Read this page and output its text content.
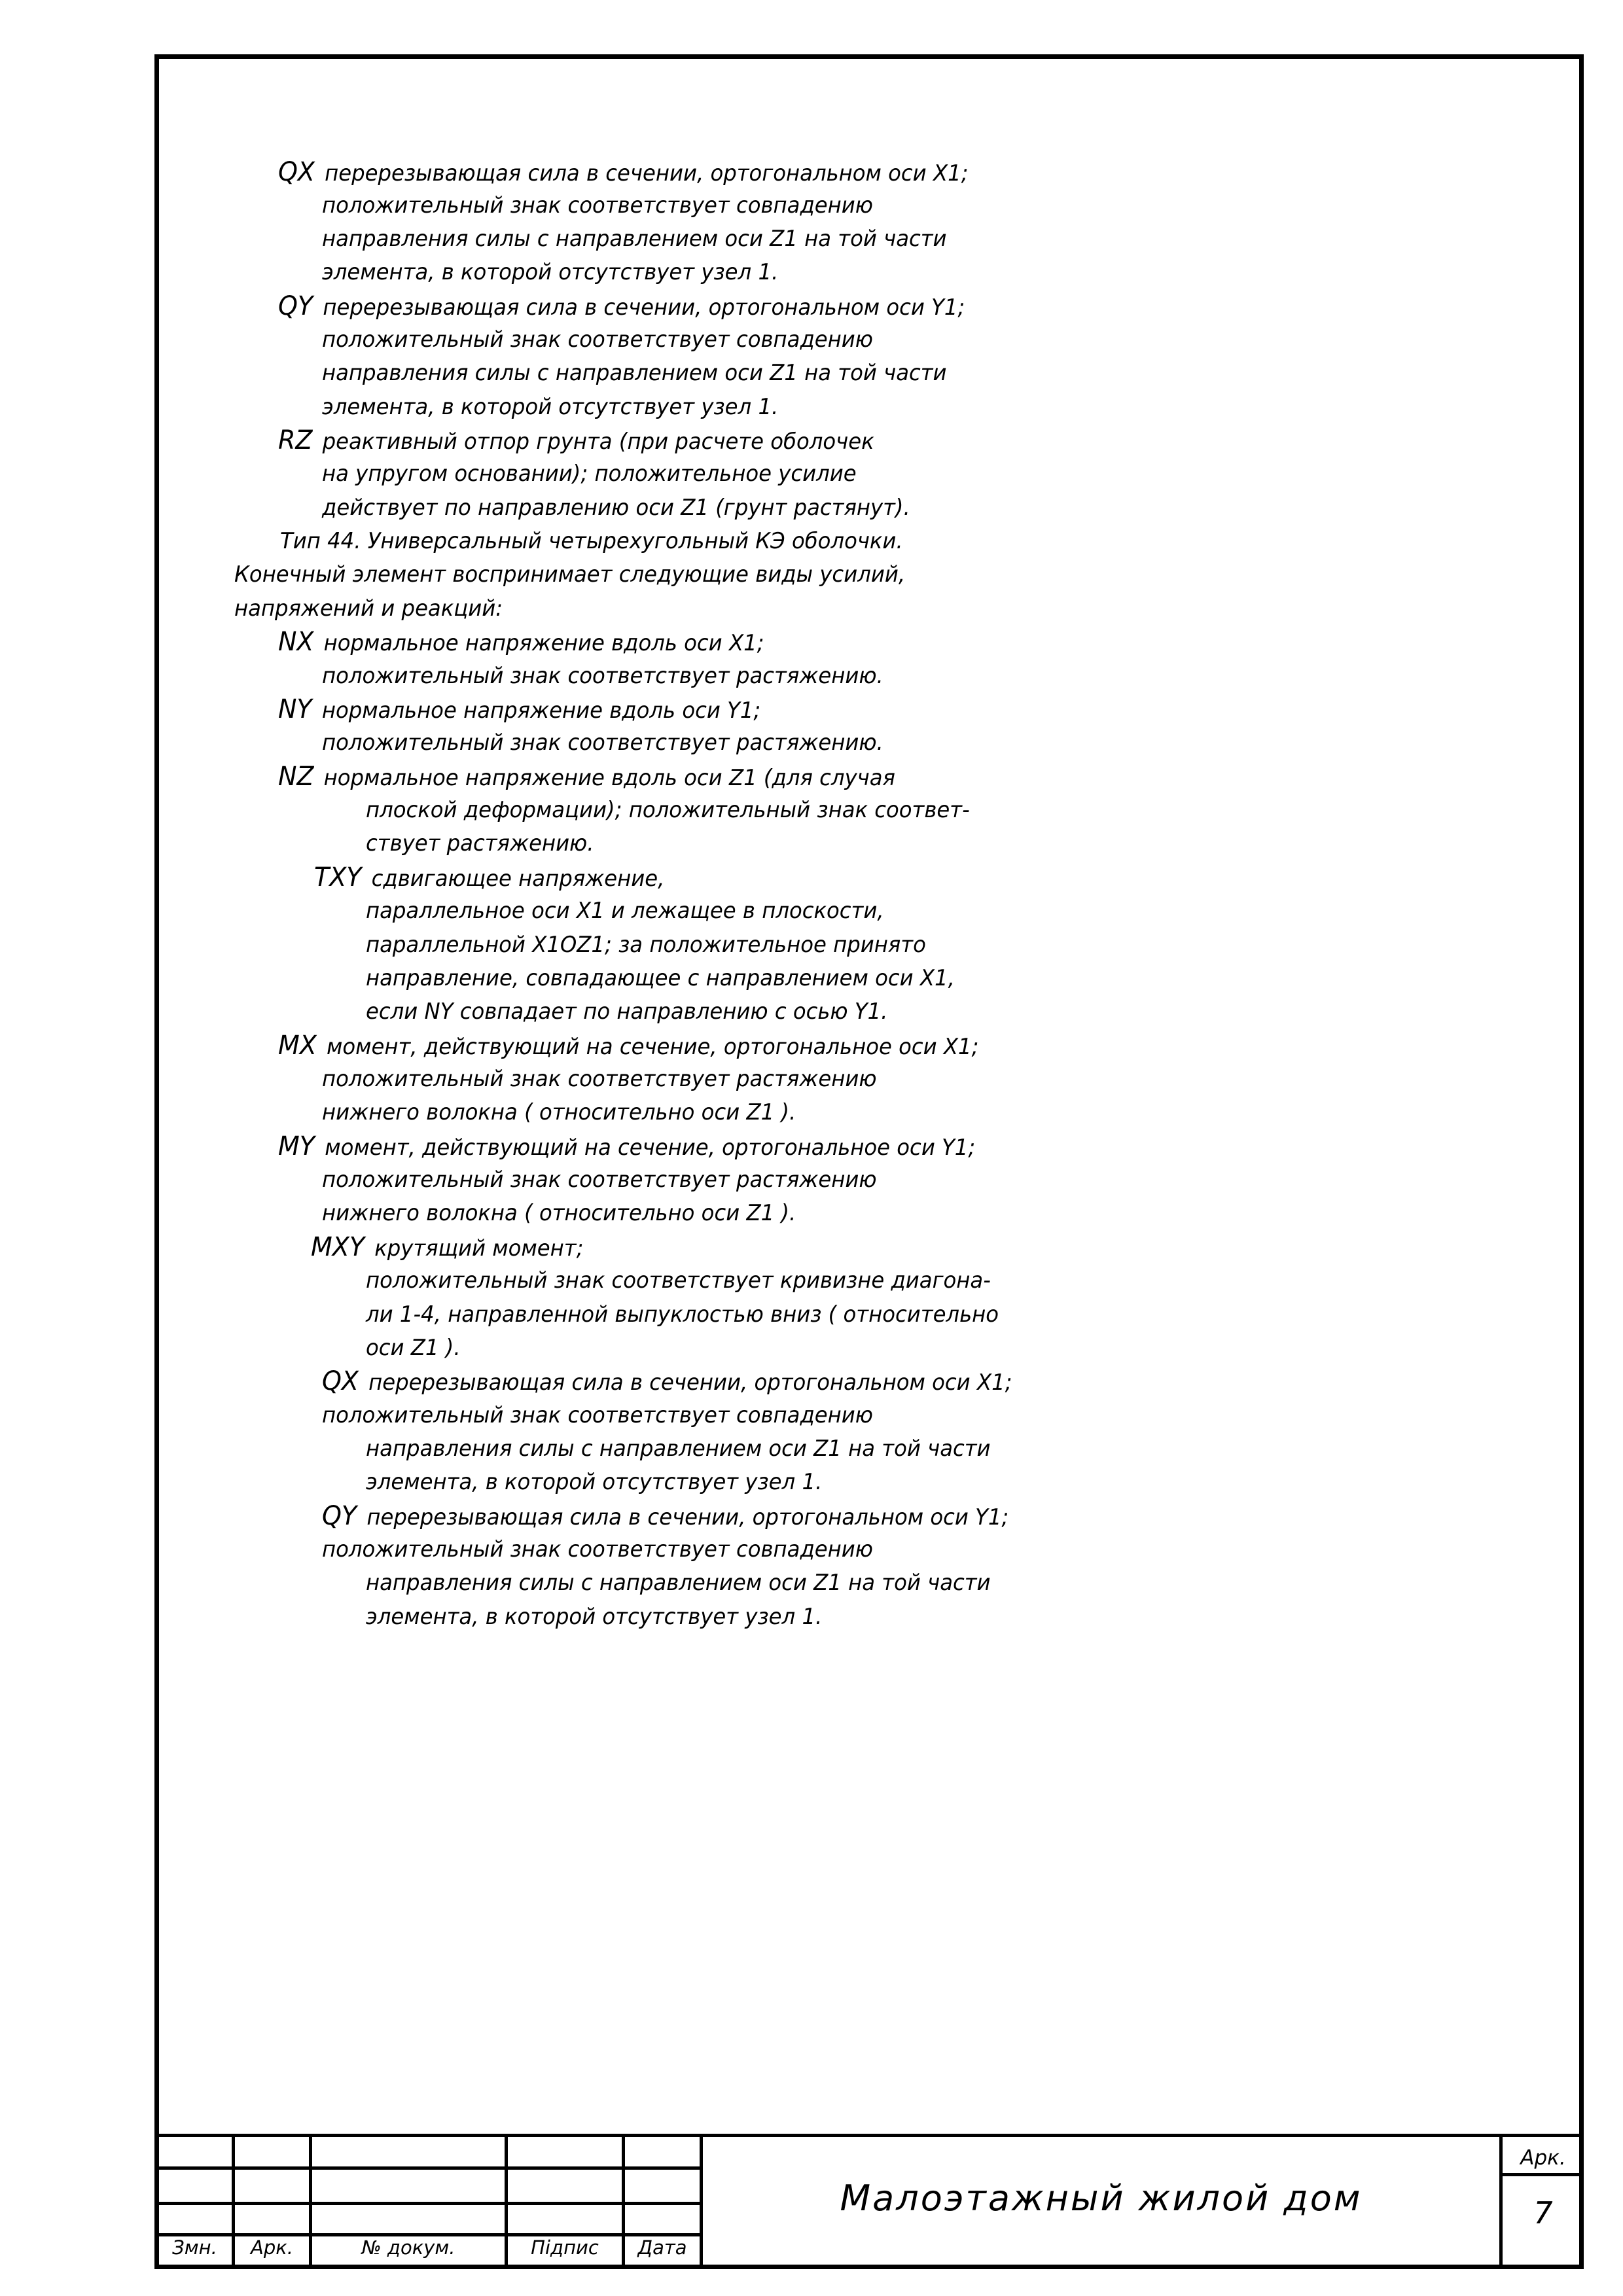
QX перерезывающая сила в сечении, ортогональном оси X1;
положительный знак соответствует совпадению
направления силы с направлением оси Z1 на той части
элемента, в которой отсутствует узел 1.
QY перерезывающая сила в сечении, ортогональном оси Y1;
положительный знак соответствует совпадению
направления силы с направлением оси Z1 на той части
элемента, в которой отсутствует узел 1.
RZ реактивный отпор грунта (при расчете оболочек
на упругом основании); положительное усилие
действует по направлению оси Z1 (грунт растянут).
Тип 44. Универсальный четырехугольный КЭ оболочки.
Конечный элемент воспринимает следующие виды усилий,
напряжений и реакций:
NX нормальное напряжение вдоль оси X1;
положительный знак соответствует растяжению.
NY нормальное напряжение вдоль оси Y1;
положительный знак соответствует растяжению.
NZ нормальное напряжение вдоль оси Z1 (для случая
плоской деформации); положительный знак соответ-
ствует растяжению.
TXY сдвигающее напряжение,
параллельное оси X1 и лежащее в плоскости,
параллельной X1OZ1; за положительное принято
направление, совпадающее с направлением оси X1,
если NY совпадает по направлению с осью Y1.
MX момент, действующий на сечение, ортогональное оси X1;
положительный знак соответствует растяжению
нижнего волокна ( относительно оси Z1 ).
MY момент, действующий на сечение, ортогональное оси Y1;
положительный знак соответствует растяжению
нижнего волокна ( относительно оси Z1 ).
MXY крутящий момент;
положительный знак соответствует кривизне диагона-
ли 1-4, направленной выпуклостью вниз ( относительно
оси Z1 ).
QX перерезывающая сила в сечении, ортогональном оси X1;
положительный знак соответствует совпадению
направления силы с направлением оси Z1 на той части
элемента, в которой отсутствует узел 1.
QY перерезывающая сила в сечении, ортогональном оси Y1;
положительный знак соответствует совпадению
направления силы с направлением оси Z1 на той части
элемента, в которой отсутствует узел 1.
Змн.	Арк.	№ докум.	Підпис	Дата
Малоэтажный жилой дом
Арк.
7
